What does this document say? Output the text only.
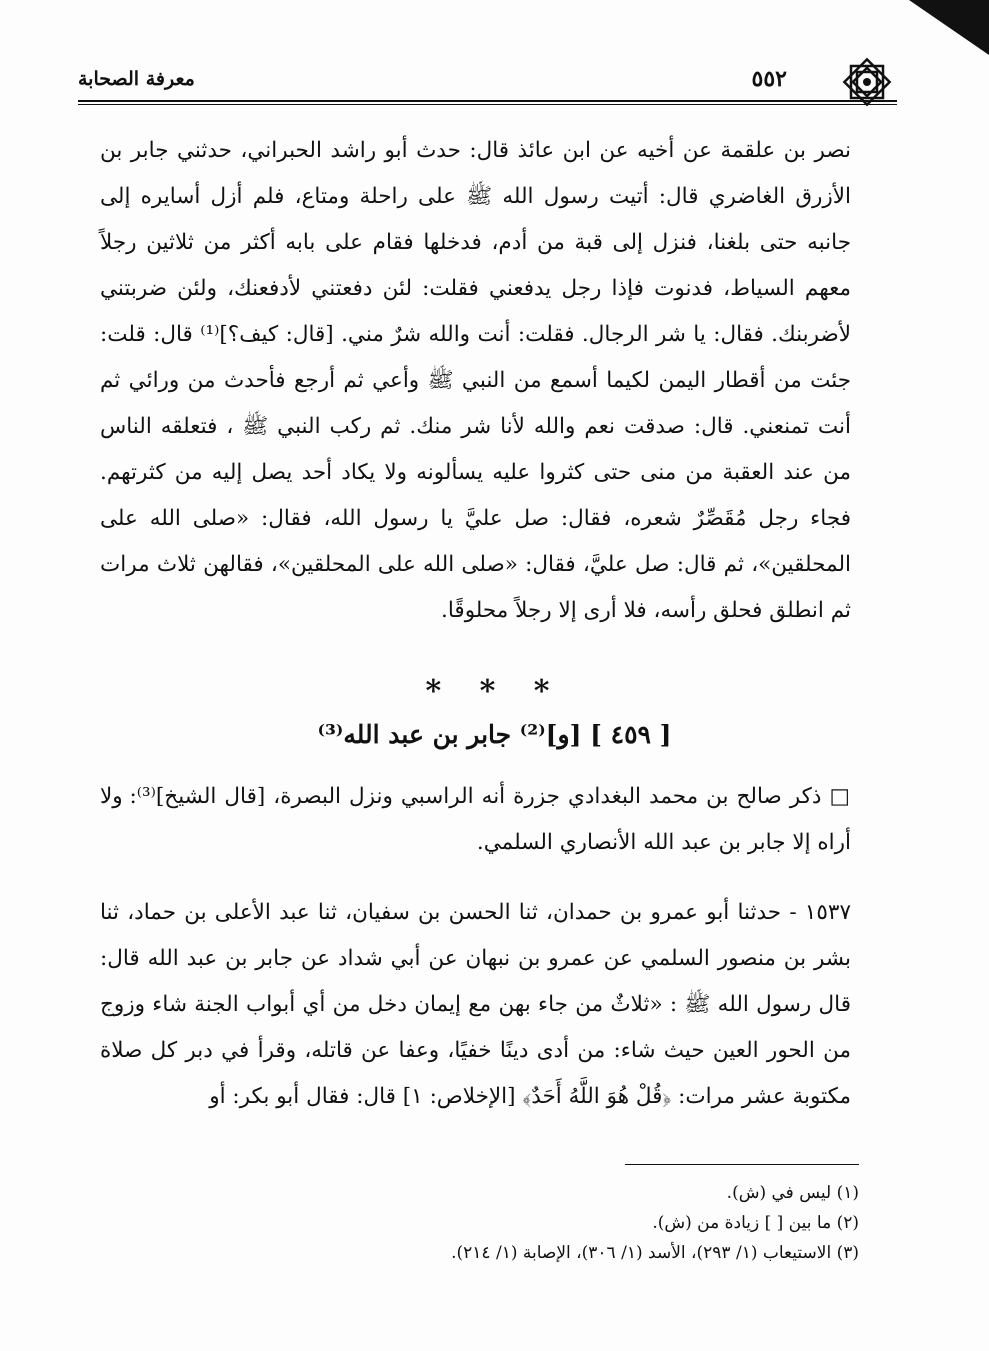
معرفة الصحابة	٥٥٢
نصر بن علقمة عن أخيه عن ابن عائذ قال: حدث أبو راشد الحبراني، حدثني جابر بن الأزرق الغاضري قال: أتيت رسول الله ﷺ على راحلة ومتاع، فلم أزل أسايره إلى جانبه حتى بلغنا، فنزل إلى قبة من أدم، فدخلها فقام على بابه أكثر من ثلاثين رجلاً معهم السياط، فدنوت فإذا رجل يدفعني فقلت: لئن دفعتني لأدفعنك، ولئن ضربتني لأضربنك. فقال: يا شر الرجال. فقلت: أنت والله شرٌ مني. [قال: كيف؟]⁽¹⁾ قال: قلت: جئت من أقطار اليمن لكيما أسمع من النبي ﷺ وأعي ثم أرجع فأحدث من ورائي ثم أنت تمنعني. قال: صدقت نعم والله لأنا شر منك. ثم ركب النبي ﷺ ، فتعلقه الناس من عند العقبة من منى حتى كثروا عليه يسألونه ولا يكاد أحد يصل إليه من كثرتهم. فجاء رجل مُقَصِّرٌ شعره، فقال: صل عليَّ يا رسول الله، فقال: «صلى الله على المحلقين»، ثم قال: صل عليَّ، فقال: «صلى الله على المحلقين»، فقالهن ثلاث مرات ثم انطلق فحلق رأسه، فلا أرى إلا رجلاً محلوقًا.
* * *
[ ٤٥٩ ] [و]⁽²⁾ جابر بن عبد الله⁽³⁾
□ ذكر صالح بن محمد البغدادي جزرة أنه الراسبي ونزل البصرة، [قال الشيخ]⁽³⁾: ولا أراه إلا جابر بن عبد الله الأنصاري السلمي.
١٥٣٧ - حدثنا أبو عمرو بن حمدان، ثنا الحسن بن سفيان، ثنا عبد الأعلى بن حماد، ثنا بشر بن منصور السلمي عن عمرو بن نبهان عن أبي شداد عن جابر بن عبد الله قال: قال رسول الله ﷺ : «ثلاثٌ من جاء بهن مع إيمان دخل من أي أبواب الجنة شاء وزوج من الحور العين حيث شاء: من أدى دينًا خفيًا، وعفا عن قاتله، وقرأ في دبر كل صلاة مكتوبة عشر مرات: ﴿قُلْ هُوَ اللَّهُ أَحَدٌ﴾ [الإخلاص: ١] قال: فقال أبو بكر: أو
(١) ليس في (ش).
(٢) ما بين [ ] زيادة من (ش).
(٣) الاستيعاب (١/ ٢٩٣)، الأسد (١/ ٣٠٦)، الإصابة (١/ ٢١٤).
